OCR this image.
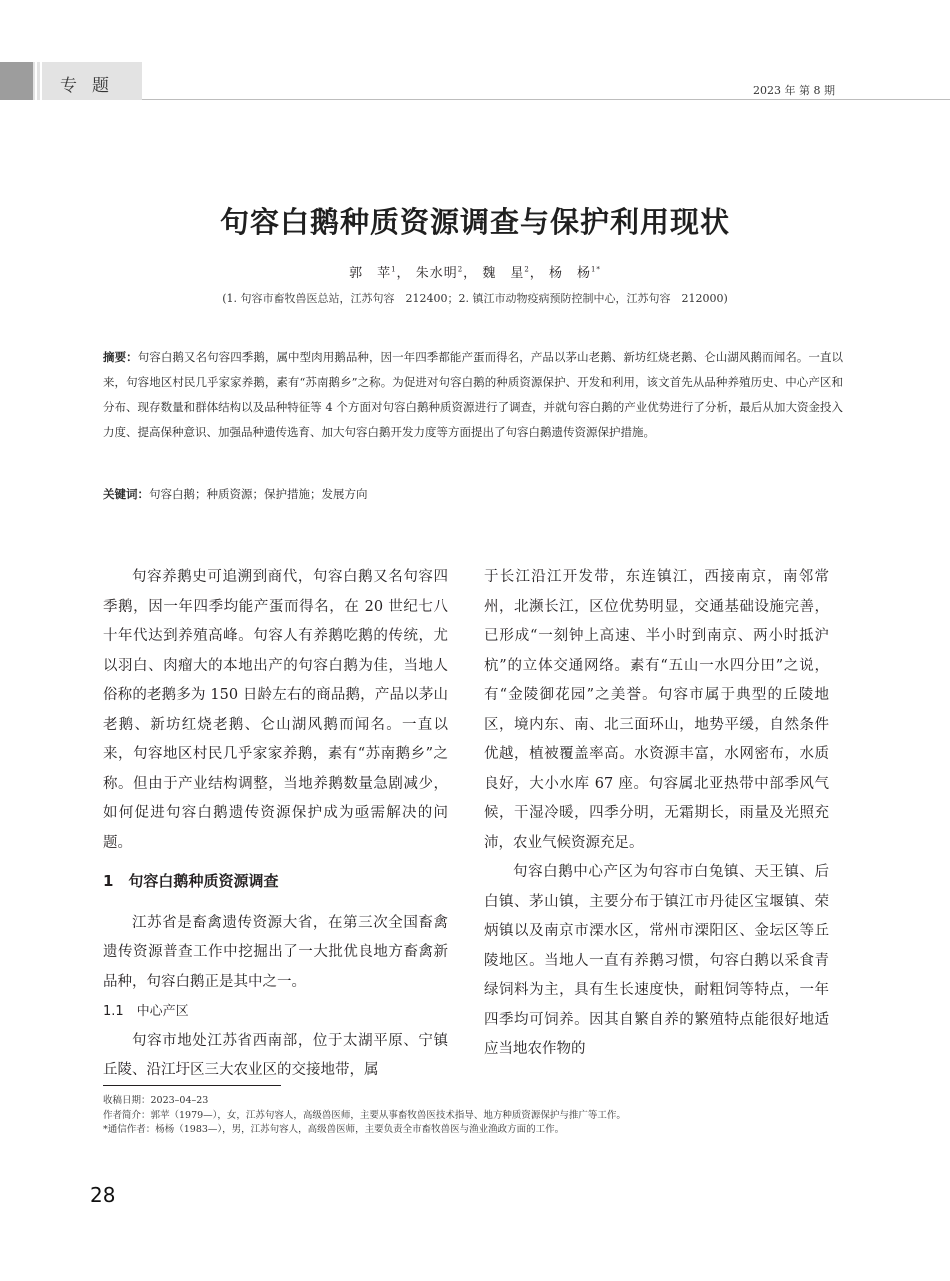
专题	2023 年 第 8 期
句容白鹅种质资源调查与保护利用现状
郭　苹$^1$， 朱水明$^2$， 魏　星$^2$， 杨　杨$^{1*}$
(1. 句容市畜牧兽医总站，江苏句容　212400；2. 镇江市动物疫病预防控制中心，江苏句容　212000)
摘要：句容白鹅又名句容四季鹅，属中型肉用鹅品种，因一年四季都能产蛋而得名，产品以茅山老鹅、新坊红烧老鹅、仑山湖风鹅而闻名。一直以来，句容地区村民几乎家家养鹅，素有“苏南鹅乡”之称。为促进对句容白鹅的种质资源保护、开发和利用，该文首先从品种养殖历史、中心产区和分布、现存数量和群体结构以及品种特征等 4 个方面对句容白鹅种质资源进行了调查，并就句容白鹅的产业优势进行了分析，最后从加大资金投入力度、提高保种意识、加强品种遗传选育、加大句容白鹅开发力度等方面提出了句容白鹅遗传资源保护措施。
关键词：句容白鹅；种质资源；保护措施；发展方向

句容养鹅史可追溯到商代，句容白鹅又名句容四季鹅，因一年四季均能产蛋而得名，在 20 世纪七八十年代达到养殖高峰。句容人有养鹅吃鹅的传统，尤以羽白、肉瘤大的本地出产的句容白鹅为佳，当地人俗称的老鹅多为 150 日龄左右的商品鹅，产品以茅山老鹅、新坊红烧老鹅、仑山湖风鹅而闻名。一直以来，句容地区村民几乎家家养鹅，素有“苏南鹅乡”之称。但由于产业结构调整，当地养鹅数量急剧减少，如何促进句容白鹅遗传资源保护成为亟需解决的问题。

1　句容白鹅种质资源调查

江苏省是畜禽遗传资源大省，在第三次全国畜禽遗传资源普查工作中挖掘出了一大批优良地方畜禽新品种，句容白鹅正是其中之一。

1.1　中心产区

句容市地处江苏省西南部，位于太湖平原、宁镇丘陵、沿江圩区三大农业区的交接地带，属

于长江沿江开发带，东连镇江，西接南京，南邻常州，北濒长江，区位优势明显，交通基础设施完善，已形成“一刻钟上高速、半小时到南京、两小时抵沪杭”的立体交通网络。素有“五山一水四分田”之说，有“金陵御花园”之美誉。句容市属于典型的丘陵地区，境内东、南、北三面环山，地势平缓，自然条件优越，植被覆盖率高。水资源丰富，水网密布，水质良好，大小水库 67 座。句容属北亚热带中部季风气候，干湿冷暖，四季分明，无霜期长，雨量及光照充沛，农业气候资源充足。

句容白鹅中心产区为句容市白兔镇、天王镇、后白镇、茅山镇，主要分布于镇江市丹徒区宝堰镇、荣炳镇以及南京市溧水区，常州市溧阳区、金坛区等丘陵地区。当地人一直有养鹅习惯，句容白鹅以采食青绿饲料为主，具有生长速度快，耐粗饲等特点，一年四季均可饲养。因其自繁自养的繁殖特点能很好地适应当地农作物的

收稿日期：2023–04–23
作者简介：郭苹（1979—），女，江苏句容人，高级兽医师，主要从事畜牧兽医技术指导、地方种质资源保护与推广等工作。
*通信作者：杨杨（1983—），男，江苏句容人，高级兽医师，主要负责全市畜牧兽医与渔业渔政方面的工作。
28
